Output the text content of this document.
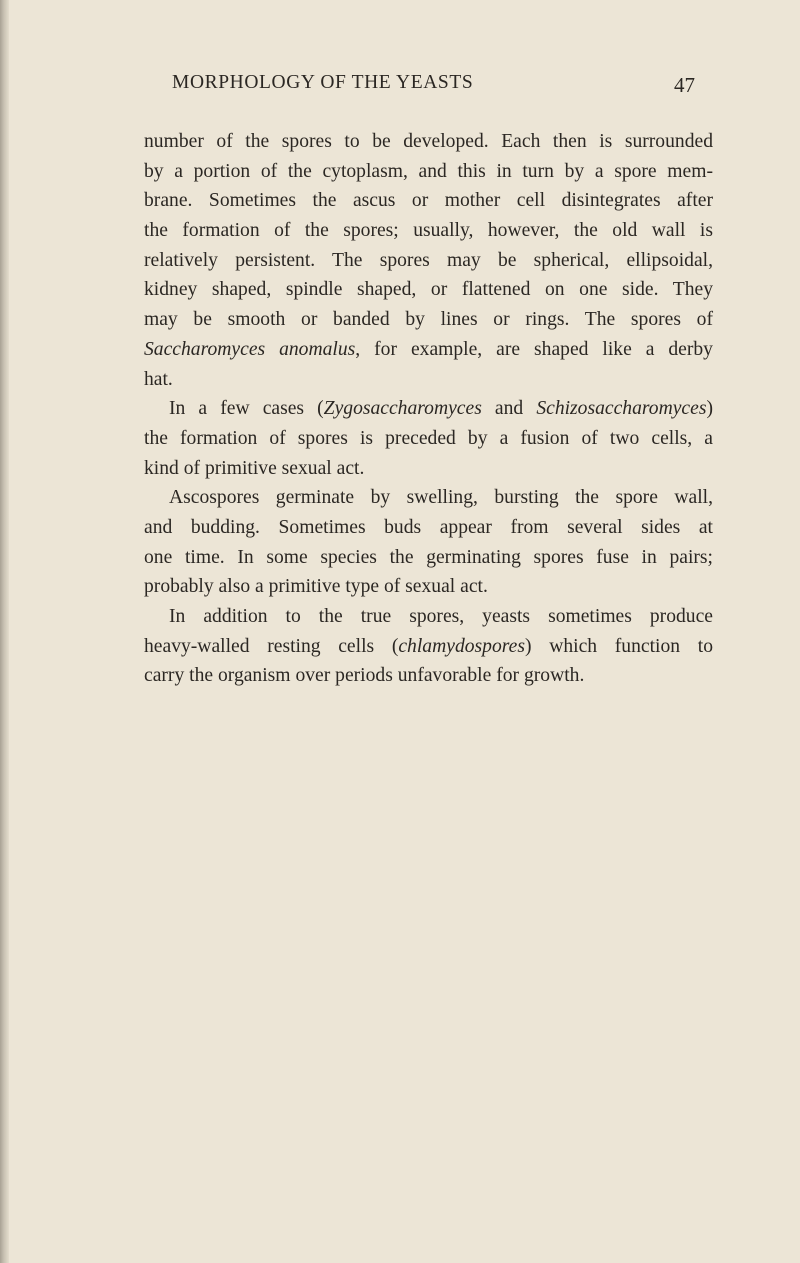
MORPHOLOGY OF THE YEASTS	47
number of the spores to be developed. Each then is surrounded
by a portion of the cytoplasm, and this in turn by a spore mem-
brane. Sometimes the ascus or mother cell disintegrates after
the formation of the spores; usually, however, the old wall is
relatively persistent. The spores may be spherical, ellipsoidal,
kidney shaped, spindle shaped, or flattened on one side. They
may be smooth or banded by lines or rings. The spores of
Saccharomyces anomalus, for example, are shaped like a derby
hat.
In a few cases (Zygosaccharomyces and Schizosaccharomyces)
the formation of spores is preceded by a fusion of two cells, a
kind of primitive sexual act.
Ascospores germinate by swelling, bursting the spore wall,
and budding. Sometimes buds appear from several sides at
one time. In some species the germinating spores fuse in pairs;
probably also a primitive type of sexual act.
In addition to the true spores, yeasts sometimes produce
heavy-walled resting cells (chlamydospores) which function to
carry the organism over periods unfavorable for growth.
